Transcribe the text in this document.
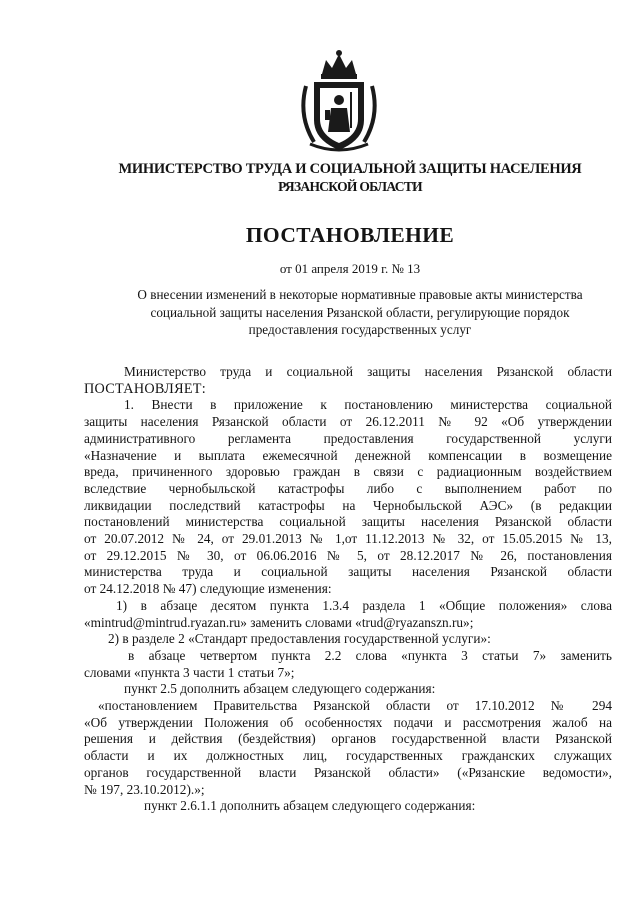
МИНИСТЕРСТВО ТРУДА И СОЦИАЛЬНОЙ ЗАЩИТЫ НАСЕЛЕНИЯ
РЯЗАНСКОЙ ОБЛАСТИ
ПОСТАНОВЛЕНИЕ
от 01 апреля 2019 г. № 13
О внесении изменений в некоторые нормативные правовые акты министерства
социальной защиты населения Рязанской области, регулирующие порядок
предоставления государственных услуг
Министерство труда и социальной защиты населения Рязанской области
ПОСТАНОВЛЯЕТ:
1. Внести в приложение к постановлению министерства социальной
защиты населения Рязанской области от 26.12.2011 № 92 «Об утверждении
административного регламента предоставления государственной услуги
«Назначение и выплата ежемесячной денежной компенсации в возмещение
вреда, причиненного здоровью граждан в связи с радиационным воздействием
вследствие чернобыльской катастрофы либо с выполнением работ по
ликвидации последствий катастрофы на Чернобыльской АЭС» (в редакции
постановлений министерства социальной защиты населения Рязанской области
от 20.07.2012 № 24, от 29.01.2013 № 1,от 11.12.2013 № 32, от 15.05.2015 № 13,
от 29.12.2015 № 30, от 06.06.2016 № 5, от 28.12.2017 № 26, постановления
министерства труда и социальной защиты населения Рязанской области
от 24.12.2018 № 47) следующие изменения:
1) в абзаце десятом пункта 1.3.4 раздела 1 «Общие положения» слова
«mintrud@mintrud.ryazan.ru» заменить словами «trud@ryazanszn.ru»;
2) в разделе 2 «Стандарт предоставления государственной услуги»:
в абзаце четвертом пункта 2.2 слова «пункта 3 статьи 7» заменить
словами «пункта 3 части 1 статьи 7»;
пункт 2.5 дополнить абзацем следующего содержания:
«постановлением Правительства Рязанской области от 17.10.2012 № 294
«Об утверждении Положения об особенностях подачи и рассмотрения жалоб на
решения и действия (бездействия) органов государственной власти Рязанской
области и их должностных лиц, государственных гражданских служащих
органов государственной власти Рязанской области» («Рязанские ведомости»,
№ 197, 23.10.2012).»;
пункт 2.6.1.1 дополнить абзацем следующего содержания:
